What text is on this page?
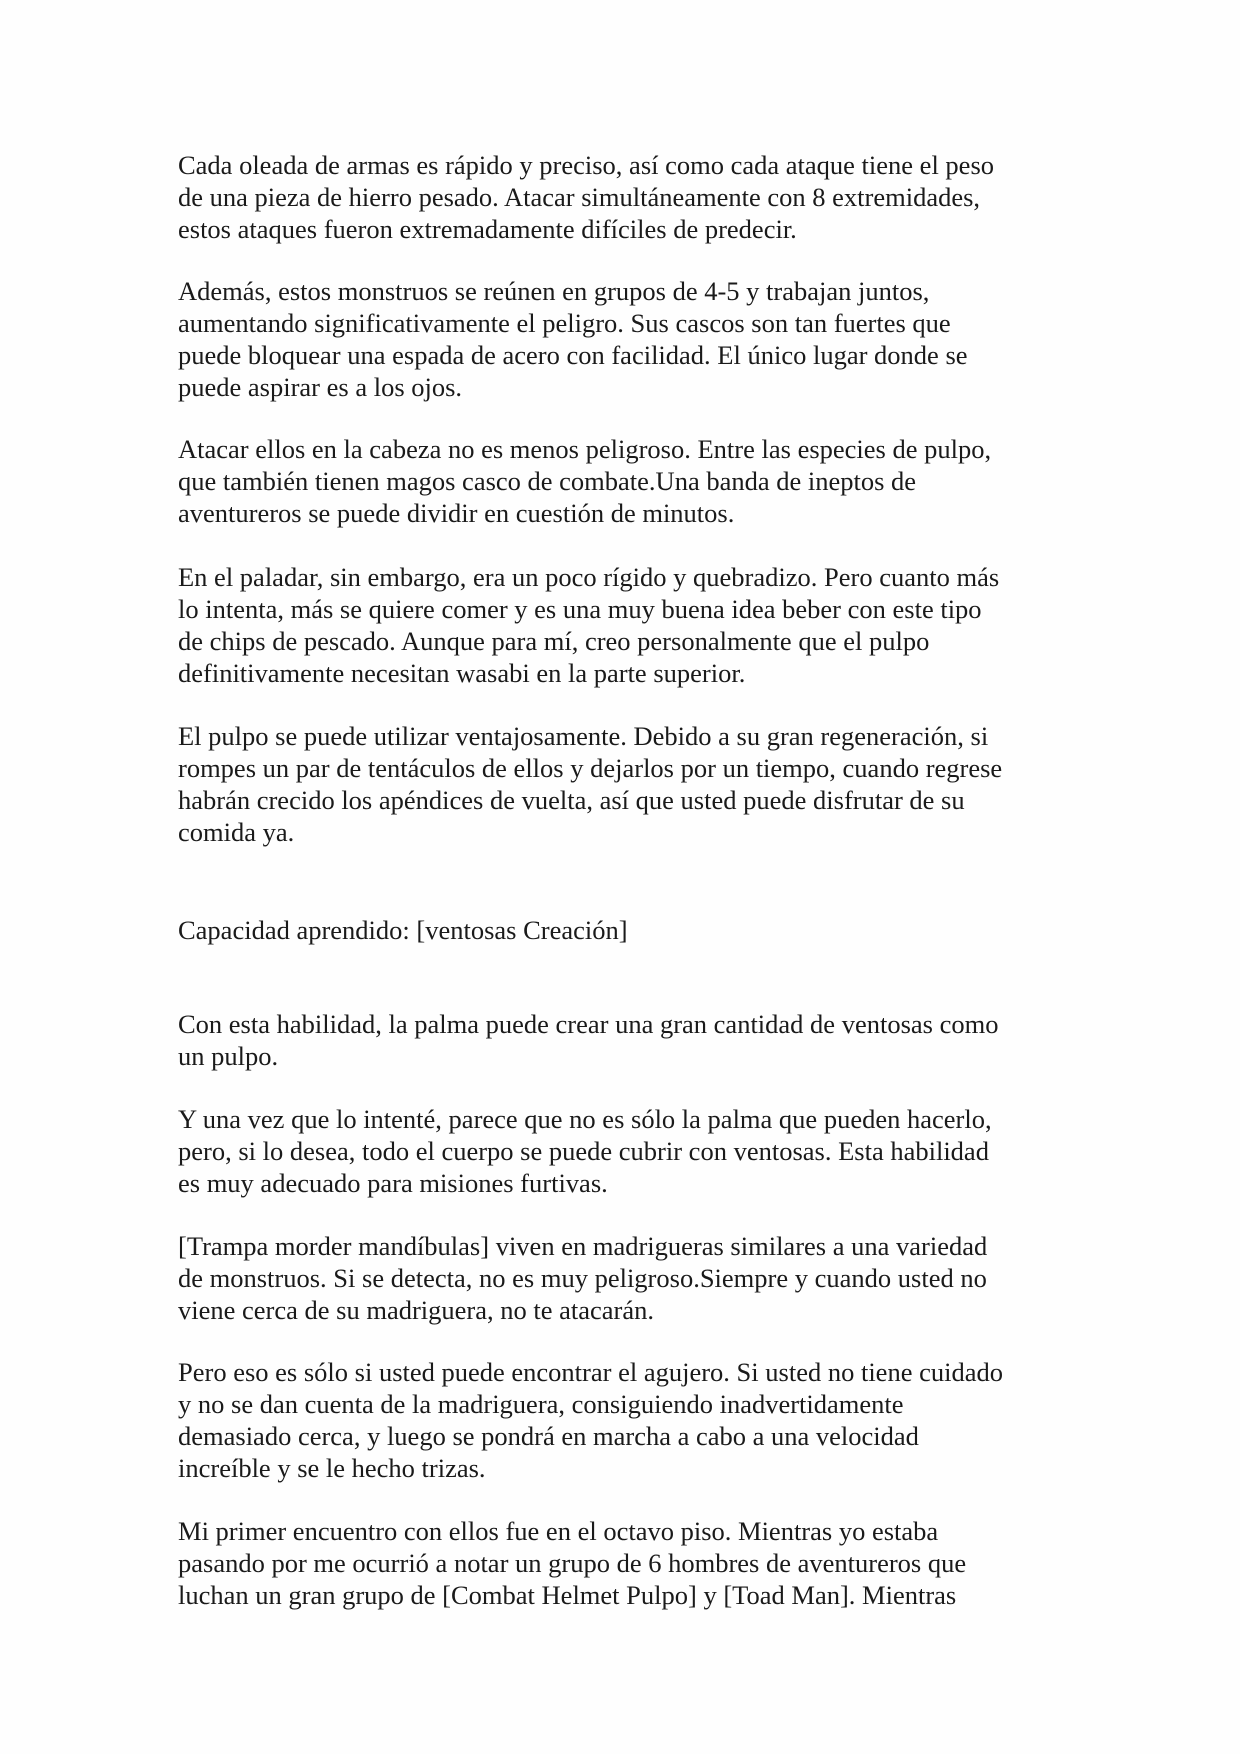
Cada oleada de armas es rápido y preciso, así como cada ataque tiene el peso
de una pieza de hierro pesado. Atacar simultáneamente con 8 extremidades,
estos ataques fueron extremadamente difíciles de predecir.

Además, estos monstruos se reúnen en grupos de 4-5 y trabajan juntos,
aumentando significativamente el peligro. Sus cascos son tan fuertes que
puede bloquear una espada de acero con facilidad. El único lugar donde se
puede aspirar es a los ojos.

Atacar ellos en la cabeza no es menos peligroso. Entre las especies de pulpo,
que también tienen magos casco de combate.Una banda de ineptos de
aventureros se puede dividir en cuestión de minutos.

En el paladar, sin embargo, era un poco rígido y quebradizo. Pero cuanto más
lo intenta, más se quiere comer y es una muy buena idea beber con este tipo
de chips de pescado. Aunque para mí, creo personalmente que el pulpo
definitivamente necesitan wasabi en la parte superior.

El pulpo se puede utilizar ventajosamente. Debido a su gran regeneración, si
rompes un par de tentáculos de ellos y dejarlos por un tiempo, cuando regrese
habrán crecido los apéndices de vuelta, así que usted puede disfrutar de su
comida ya.

Capacidad aprendido: [ventosas Creación]

Con esta habilidad, la palma puede crear una gran cantidad de ventosas como
un pulpo.

Y una vez que lo intenté, parece que no es sólo la palma que pueden hacerlo,
pero, si lo desea, todo el cuerpo se puede cubrir con ventosas. Esta habilidad
es muy adecuado para misiones furtivas.

[Trampa morder mandíbulas] viven en madrigueras similares a una variedad
de monstruos. Si se detecta, no es muy peligroso.Siempre y cuando usted no
viene cerca de su madriguera, no te atacarán.

Pero eso es sólo si usted puede encontrar el agujero. Si usted no tiene cuidado
y no se dan cuenta de la madriguera, consiguiendo inadvertidamente
demasiado cerca, y luego se pondrá en marcha a cabo a una velocidad
increíble y se le hecho trizas.

Mi primer encuentro con ellos fue en el octavo piso. Mientras yo estaba
pasando por me ocurrió a notar un grupo de 6 hombres de aventureros que
luchan un gran grupo de [Combat Helmet Pulpo] y [Toad Man]. Mientras
